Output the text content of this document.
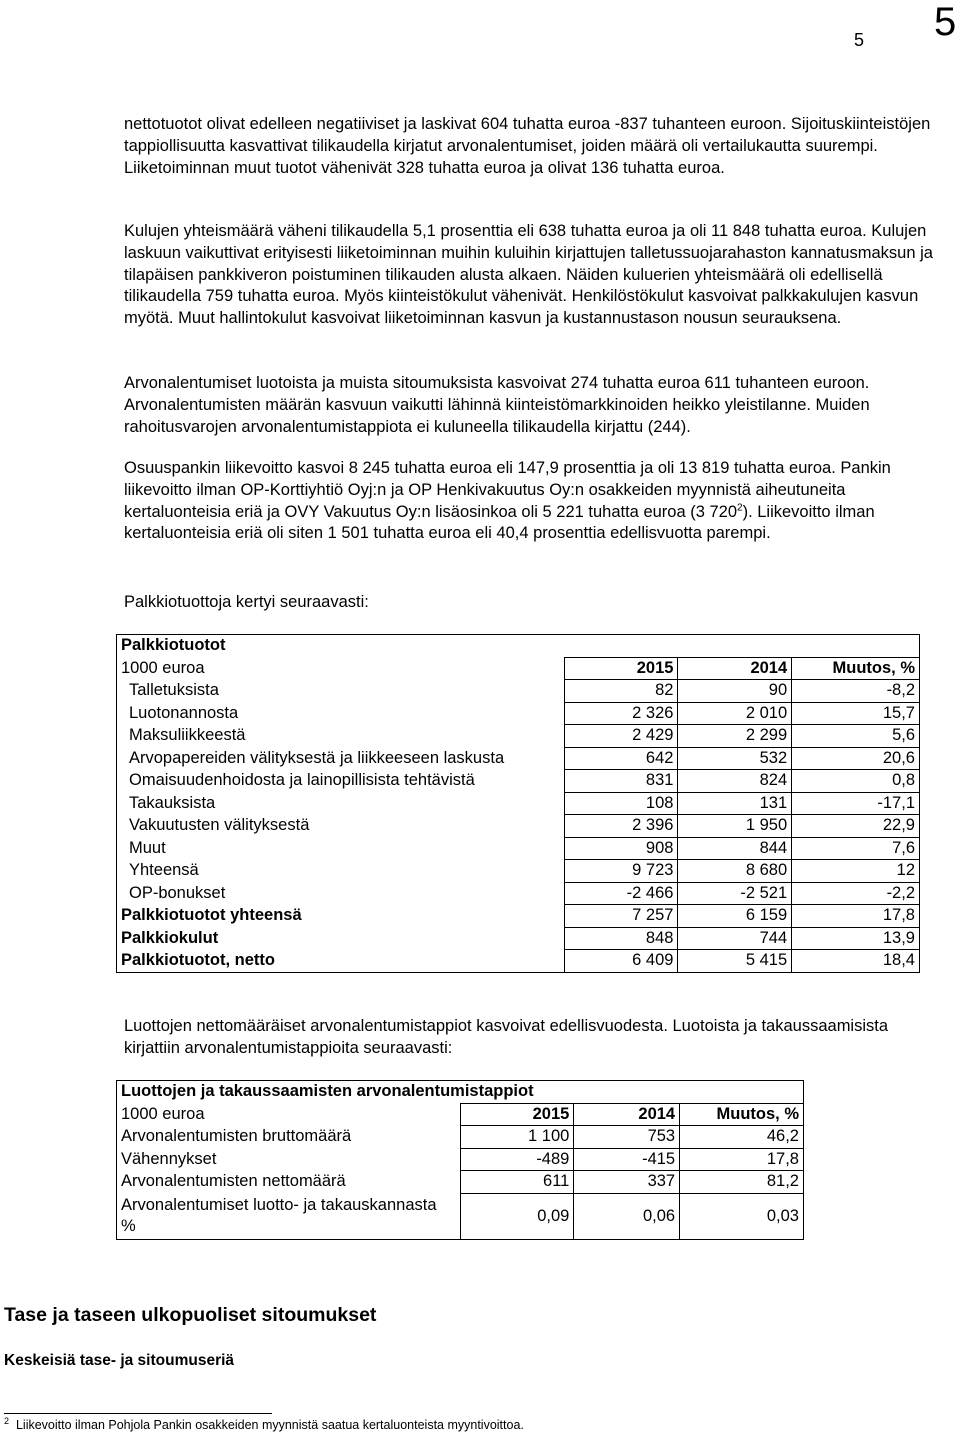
5 5

nettotuotot olivat edelleen negatiiviset ja laskivat 604 tuhatta euroa -837 tuhanteen euroon. Sijoituskiinteistöjen tappiollisuutta kasvattivat tilikaudella kirjatut arvonalentumiset, joiden määrä oli vertailukautta suurempi. Liiketoiminnan muut tuotot vähenivät 328 tuhatta euroa ja olivat 136 tuhatta euroa.

Kulujen yhteismäärä väheni tilikaudella 5,1 prosenttia eli 638 tuhatta euroa ja oli 11 848 tuhatta euroa. Kulujen laskuun vaikuttivat erityisesti liiketoiminnan muihin kuluihin kirjattujen talletussuojarahaston kannatusmaksun ja tilapäisen pankkiveron poistuminen tilikauden alusta alkaen. Näiden kuluerien yhteismäärä oli edellisellä tilikaudella 759 tuhatta euroa. Myös kiinteistökulut vähenivät. Henkilöstökulut kasvoivat palkkakulujen kasvun myötä. Muut hallintokulut kasvoivat liiketoiminnan kasvun ja kustannustason nousun seurauksena.

Arvonalentumiset luotoista ja muista sitoumuksista kasvoivat 274 tuhatta euroa 611 tuhanteen euroon. Arvonalentumisten määrän kasvuun vaikutti lähinnä kiinteistömarkkinoiden heikko yleistilanne. Muiden rahoitusvarojen arvonalentumistappiota ei kuluneella tilikaudella kirjattu (244).

Osuuspankin liikevoitto kasvoi 8 245 tuhatta euroa eli 147,9 prosenttia ja oli 13 819 tuhatta euroa. Pankin liikevoitto ilman OP-Korttiyhtiö Oyj:n ja OP Henkivakuutus Oy:n osakkeiden myynnistä aiheutuneita kertaluonteisia eriä ja OVY Vakuutus Oy:n lisäosinkoa oli 5 221 tuhatta euroa (3 $720^2$). Liikevoitto ilman kertaluonteisia eriä oli siten 1 501 tuhatta euroa eli 40,4 prosenttia edellisvuotta parempi.

Palkkiotuottoja kertyi seuraavasti:

Palkkiotuotot			
1000 euroa	2015	2014	Muutos, %
Talletuksista	82	90	-8,2
Luotonannosta	2 326	2 010	15,7
Maksuliikkeestä	2 429	2 299	5,6
Arvopapereiden välityksestä ja liikkeeseen laskusta	642	532	20,6
Omaisuudenhoidosta ja lainopillisista tehtävistä	831	824	0,8
Takauksista	108	131	-17,1
Vakuutusten välityksestä	2 396	1 950	22,9
Muut	908	844	7,6
Yhteensä	9 723	8 680	12
OP-bonukset	-2 466	-2 521	-2,2
Palkkiotuotot yhteensä	7 257	6 159	17,8
Palkkiokulut	848	744	13,9
Palkkiotuotot, netto	6 409	5 415	18,4

Luottojen nettomääräiset arvonalentumistappiot kasvoivat edellisvuodesta. Luotoista ja takaussaamisista kirjattiin arvonalentumistappioita seuraavasti:

Luottojen ja takaussaamisten arvonalentumistappiot			
1000 euroa	2015	2014	Muutos, %
Arvonalentumisten bruttomäärä	1 100	753	46,2
Vähennykset	-489	-415	17,8
Arvonalentumisten nettomäärä	611	337	81,2
Arvonalentumiset luotto- ja takauskannasta %	0,09	0,06	0,03
Tase ja taseen ulkopuoliset sitoumukset
Keskeisiä tase- ja sitoumuseriä

$^2$ Liikevoitto ilman Pohjola Pankin osakkeiden myynnistä saatua kertaluonteista myyntivoittoa.
